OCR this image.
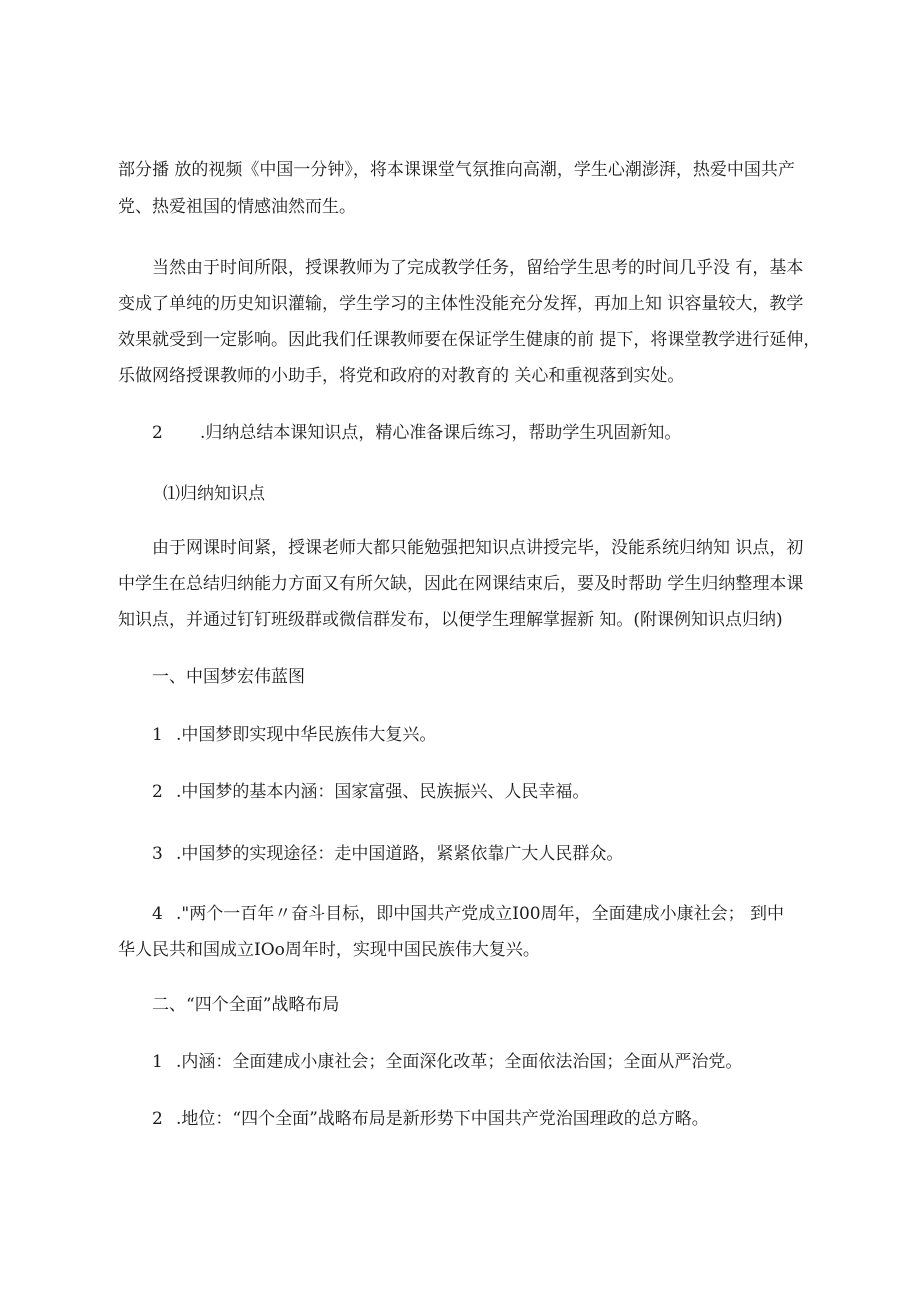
部分播 放的视频《中国一分钟》，将本课课堂气氛推向高潮，学生心潮澎湃，热爱中国共产
党、热爱祖国的情感油然而生。
当然由于时间所限，授课教师为了完成教学任务，留给学生思考的时间几乎没 有，基本
变成了单纯的历史知识灌输，学生学习的主体性没能充分发挥，再加上知 识容量较大，教学
效果就受到一定影响。因此我们任课教师要在保证学生健康的前 提下，将课堂教学进行延伸，
乐做网络授课教师的小助手，将党和政府的对教育的 关心和重视落到实处。
2 .归纳总结本课知识点，精心准备课后练习，帮助学生巩固新知。
⑴归纳知识点
由于网课时间紧，授课老师大都只能勉强把知识点讲授完毕，没能系统归纳知 识点，初
中学生在总结归纳能力方面又有所欠缺，因此在网课结束后，要及时帮助 学生归纳整理本课
知识点，并通过钉钉班级群或微信群发布，以便学生理解掌握新 知。(附课例知识点归纳)
一、中国梦宏伟蓝图
1 .中国梦即实现中华民族伟大复兴。
2 .中国梦的基本内涵：国家富强、民族振兴、人民幸福。
3 .中国梦的实现途径：走中国道路，紧紧依靠广大人民群众。
4 ."两个一百年〃奋斗目标，即中国共产党成立I00周年，全面建成小康社会； 到中
华人民共和国成立IOo周年时，实现中国民族伟大复兴。
二、“四个全面”战略布局
1 .内涵：全面建成小康社会；全面深化改革；全面依法治国；全面从严治党。
2 .地位：“四个全面”战略布局是新形势下中国共产党治国理政的总方略。
